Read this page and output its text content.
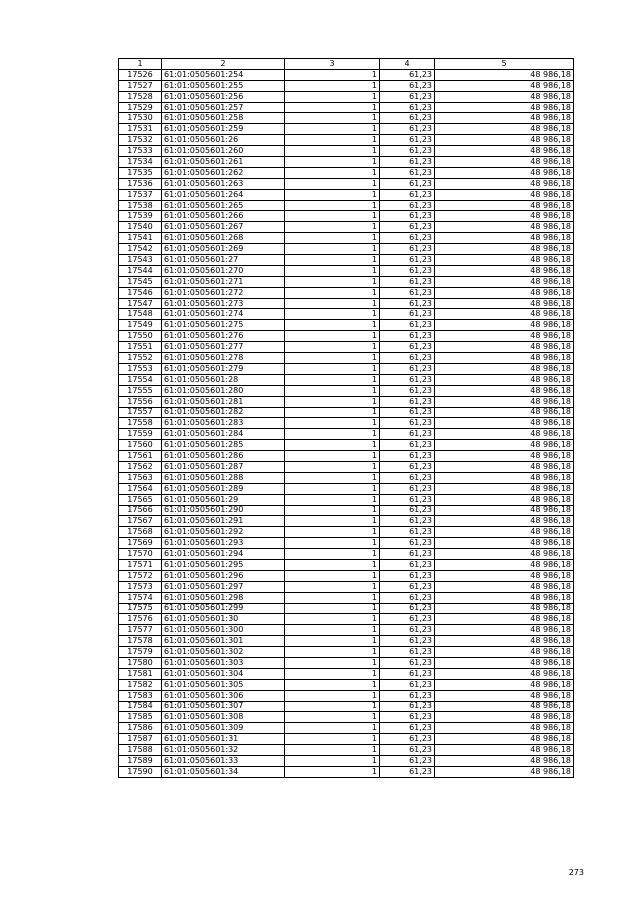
1	2	3	4	5
17526	61:01:0505601:254	1	61,23	48 986,18
17527	61:01:0505601:255	1	61,23	48 986,18
17528	61:01:0505601:256	1	61,23	48 986,18
17529	61:01:0505601:257	1	61,23	48 986,18
17530	61:01:0505601:258	1	61,23	48 986,18
17531	61:01:0505601:259	1	61,23	48 986,18
17532	61:01:0505601:26	1	61,23	48 986,18
17533	61:01:0505601:260	1	61,23	48 986,18
17534	61:01:0505601:261	1	61,23	48 986,18
17535	61:01:0505601:262	1	61,23	48 986,18
17536	61:01:0505601:263	1	61,23	48 986,18
17537	61:01:0505601:264	1	61,23	48 986,18
17538	61:01:0505601:265	1	61,23	48 986,18
17539	61:01:0505601:266	1	61,23	48 986,18
17540	61:01:0505601:267	1	61,23	48 986,18
17541	61:01:0505601:268	1	61,23	48 986,18
17542	61:01:0505601:269	1	61,23	48 986,18
17543	61:01:0505601:27	1	61,23	48 986,18
17544	61:01:0505601:270	1	61,23	48 986,18
17545	61:01:0505601:271	1	61,23	48 986,18
17546	61:01:0505601:272	1	61,23	48 986,18
17547	61:01:0505601:273	1	61,23	48 986,18
17548	61:01:0505601:274	1	61,23	48 986,18
17549	61:01:0505601:275	1	61,23	48 986,18
17550	61:01:0505601:276	1	61,23	48 986,18
17551	61:01:0505601:277	1	61,23	48 986,18
17552	61:01:0505601:278	1	61,23	48 986,18
17553	61:01:0505601:279	1	61,23	48 986,18
17554	61:01:0505601:28	1	61,23	48 986,18
17555	61:01:0505601:280	1	61,23	48 986,18
17556	61:01:0505601:281	1	61,23	48 986,18
17557	61:01:0505601:282	1	61,23	48 986,18
17558	61:01:0505601:283	1	61,23	48 986,18
17559	61:01:0505601:284	1	61,23	48 986,18
17560	61:01:0505601:285	1	61,23	48 986,18
17561	61:01:0505601:286	1	61,23	48 986,18
17562	61:01:0505601:287	1	61,23	48 986,18
17563	61:01:0505601:288	1	61,23	48 986,18
17564	61:01:0505601:289	1	61,23	48 986,18
17565	61:01:0505601:29	1	61,23	48 986,18
17566	61:01:0505601:290	1	61,23	48 986,18
17567	61:01:0505601:291	1	61,23	48 986,18
17568	61:01:0505601:292	1	61,23	48 986,18
17569	61:01:0505601:293	1	61,23	48 986,18
17570	61:01:0505601:294	1	61,23	48 986,18
17571	61:01:0505601:295	1	61,23	48 986,18
17572	61:01:0505601:296	1	61,23	48 986,18
17573	61:01:0505601:297	1	61,23	48 986,18
17574	61:01:0505601:298	1	61,23	48 986,18
17575	61:01:0505601:299	1	61,23	48 986,18
17576	61:01:0505601:30	1	61,23	48 986,18
17577	61:01:0505601:300	1	61,23	48 986,18
17578	61:01:0505601:301	1	61,23	48 986,18
17579	61:01:0505601:302	1	61,23	48 986,18
17580	61:01:0505601:303	1	61,23	48 986,18
17581	61:01:0505601:304	1	61,23	48 986,18
17582	61:01:0505601:305	1	61,23	48 986,18
17583	61:01:0505601:306	1	61,23	48 986,18
17584	61:01:0505601:307	1	61,23	48 986,18
17585	61:01:0505601:308	1	61,23	48 986,18
17586	61:01:0505601:309	1	61,23	48 986,18
17587	61:01:0505601:31	1	61,23	48 986,18
17588	61:01:0505601:32	1	61,23	48 986,18
17589	61:01:0505601:33	1	61,23	48 986,18
17590	61:01:0505601:34	1	61,23	48 986,18
273
